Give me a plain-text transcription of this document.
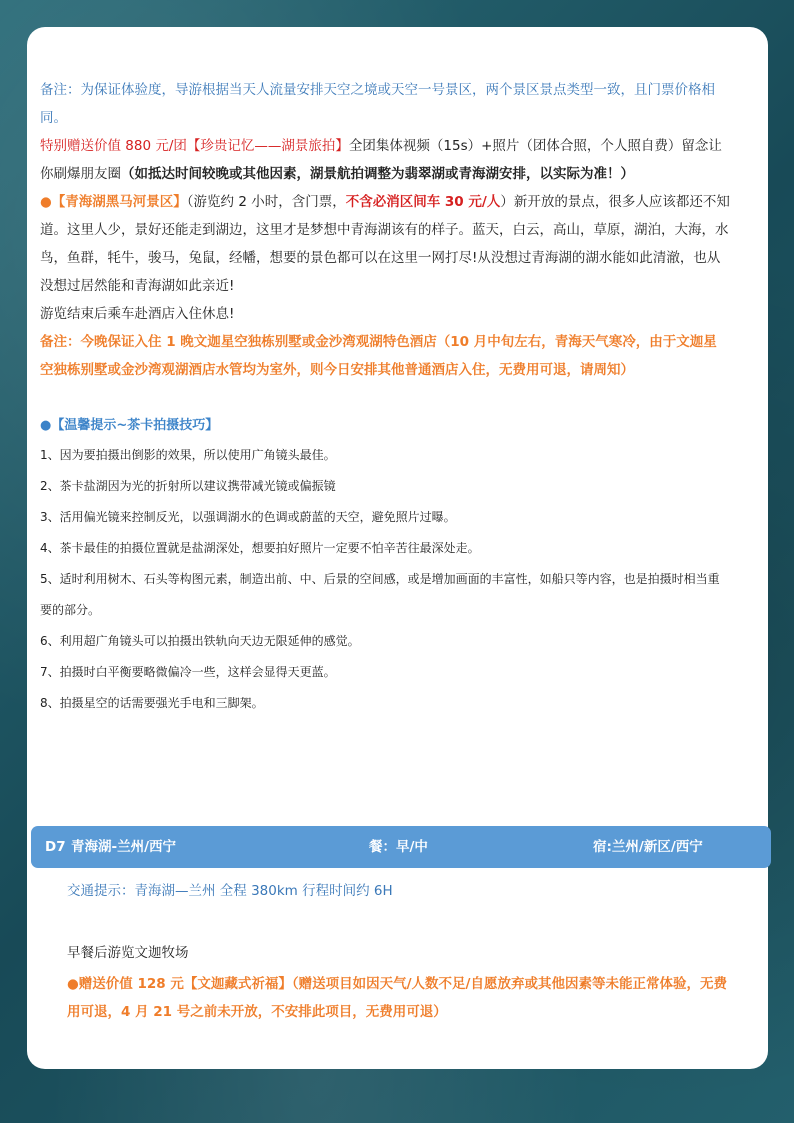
备注：为保证体验度，导游根据当天人流量安排天空之境或天空一号景区，两个景区景点类型一致，且门票价格相同。

特别赠送价值 880 元/团【珍贵记忆——湖景旅拍】全团集体视频（15s）+照片（团体合照，个人照自费）留念让你刷爆朋友圈（如抵达时间较晚或其他因素，湖景航拍调整为翡翠湖或青海湖安排，以实际为准！）

●【青海湖黑马河景区】（游览约 2 小时，含门票，不含必消区间车 30 元/人）新开放的景点，很多人应该都还不知道。这里人少，景好还能走到湖边，这里才是梦想中青海湖该有的样子。蓝天，白云，高山，草原，湖泊，大海，水鸟，鱼群，牦牛，骏马，兔鼠，经幡，想要的景色都可以在这里一网打尽!从没想过青海湖的湖水能如此清澈，也从没想过居然能和青海湖如此亲近!

游览结束后乘车赴酒店入住休息!

备注：今晚保证入住 1 晚文迦星空独栋别墅或金沙湾观湖特色酒店（10 月中旬左右，青海天气寒冷，由于文迦星空独栋别墅或金沙湾观湖酒店水管均为室外，则今日安排其他普通酒店入住，无费用可退，请周知）

●【温馨提示~茶卡拍摄技巧】

1、因为要拍摄出倒影的效果，所以使用广角镜头最佳。

2、茶卡盐湖因为光的折射所以建议携带减光镜或偏振镜

3、活用偏光镜来控制反光，以强调湖水的色调或蔚蓝的天空，避免照片过曝。

4、茶卡最佳的拍摄位置就是盐湖深处，想要拍好照片一定要不怕辛苦往最深处走。

5、适时利用树木、石头等构图元素，制造出前、中、后景的空间感，或是增加画面的丰富性，如船只等内容，也是拍摄时相当重要的部分。

6、利用超广角镜头可以拍摄出铁轨向天边无限延伸的感觉。

7、拍摄时白平衡要略微偏冷一些，这样会显得天更蓝。

8、拍摄星空的话需要强光手电和三脚架。

D7 青海湖-兰州/西宁	餐：早/中	宿:兰州/新区/西宁

交通提示：青海湖—兰州 全程 380km 行程时间约 6H

早餐后游览文迦牧场

●赠送价值 128 元【文迦藏式祈福】（赠送项目如因天气/人数不足/自愿放弃或其他因素等未能正常体验，无费用可退，4 月 21 号之前未开放，不安排此项目，无费用可退）
